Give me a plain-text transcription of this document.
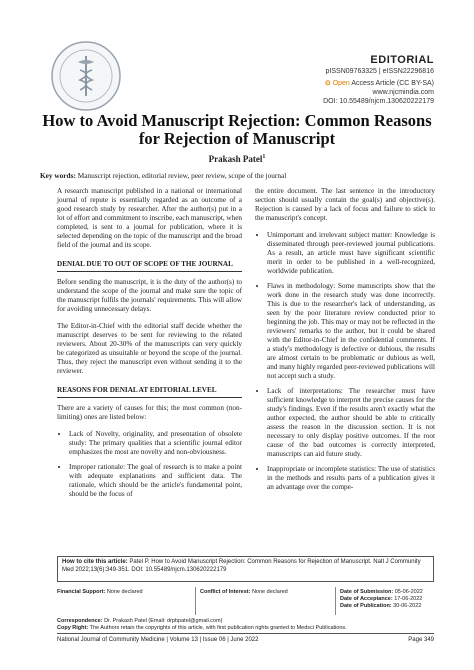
EDITORIAL
pISSN09763325 | eISSN22296816
⊙ Open Access Article (CC BY-SA)
www.njcmindia.com
DOI: 10.55489/njcm.130620222179
How to Avoid Manuscript Rejection: Common Reasons
for Rejection of Manuscript
Prakash Patel$^1$
Key words: Manuscript rejection, editorial review, peer review, scope of the journal

A research manuscript published in a national or international journal of repute is essentially regarded as an outcome of a good research study by researcher. After the author(s) put in a lot of effort and commitment to inscribe, each manuscript, when completed, is sent to a journal for publication, where it is selected depending on the topic of the manuscript and the broad field of the journal and its scope.

DENIAL DUE TO OUT OF SCOPE OF THE JOURNAL

Before sending the manuscript, it is the duty of the author(s) to understand the scope of the journal and make sure the topic of the manuscript fulfils the journals' requirements. This will allow for avoiding unnecessary delays.

The Editor-in-Chief with the editorial staff decide whether the manuscript deserves to be sent for reviewing to the related reviewers. About 20-30% of the manuscripts can very quickly be categorized as unsuitable or beyond the scope of the journal. Thus, they reject the manuscript even without sending it to the reviewer.

REASONS FOR DENIAL AT EDITORIAL LEVEL

There are a variety of causes for this; the most common (non-limiting) ones are listed below:

• Lack of Novelty, originality, and presentation of obsolete study: The primary qualities that a scientific journal editor emphasizes the most are novelty and non-obviousness.
• Improper rationale: The goal of research is to make a point with adequate explanations and sufficient data. The rationale, which should be the article's fundamental point, should be the focus of

the entire document. The last sentence in the introductory section should usually contain the goal(s) and objective(s). Rejection is caused by a lack of focus and failure to stick to the manuscript's concept.

• Unimportant and irrelevant subject matter: Knowledge is disseminated through peer-reviewed journal publications. As a result, an article must have significant scientific merit in order to be published in a well-recognized, worldwide publication.
• Flaws in methodology: Some manuscripts show that the work done in the research study was done incorrectly. This is due to the researcher's lack of understanding, as seen by the poor literature review conducted prior to beginning the job. This may or may not be reflected in the reviewers' remarks to the author, but it could be shared with the Editor-in-Chief in the confidential comments. If a study's methodology is defective or dubious, the results are almost certain to be problematic or dubious as well, and many highly regarded peer-reviewed publications will not accept such a study.
• Lack of interpretations: The researcher must have sufficient knowledge to interpret the precise causes for the study's findings. Even if the results aren't exactly what the author expected, the author should be able to critically assess the reason in the discussion section. It is not necessary to only display positive outcomes. If the root cause of the bad outcomes is correctly interpreted, manuscripts can aid future study.
• Inappropriate or incomplete statistics: The use of statistics in the methods and results parts of a publication gives it an advantage over the compe-
How to cite this article: Patel P. How to Avoid Manuscript Rejection: Common Reasons for Rejection of Manuscript. Natl J Community Med 2022;13(6):349-351. DOI: 10.55489/njcm.130620222179
Financial Support: None declared	Conflict of Interest: None declared	Date of Submission: 05-06-2022
Date of Acceptance: 17-06-2022
Date of Publication: 30-06-2022
Correspondence: Dr. Prakash Patel (Email: drpbpatel@gmail.com)
Copy Right: The Authors retain the copyrights of this article, with first publication rights granted to Medsci Publications.
National Journal of Community Medicine | Volume 13 | Issue 06 | June 2022	Page 349
